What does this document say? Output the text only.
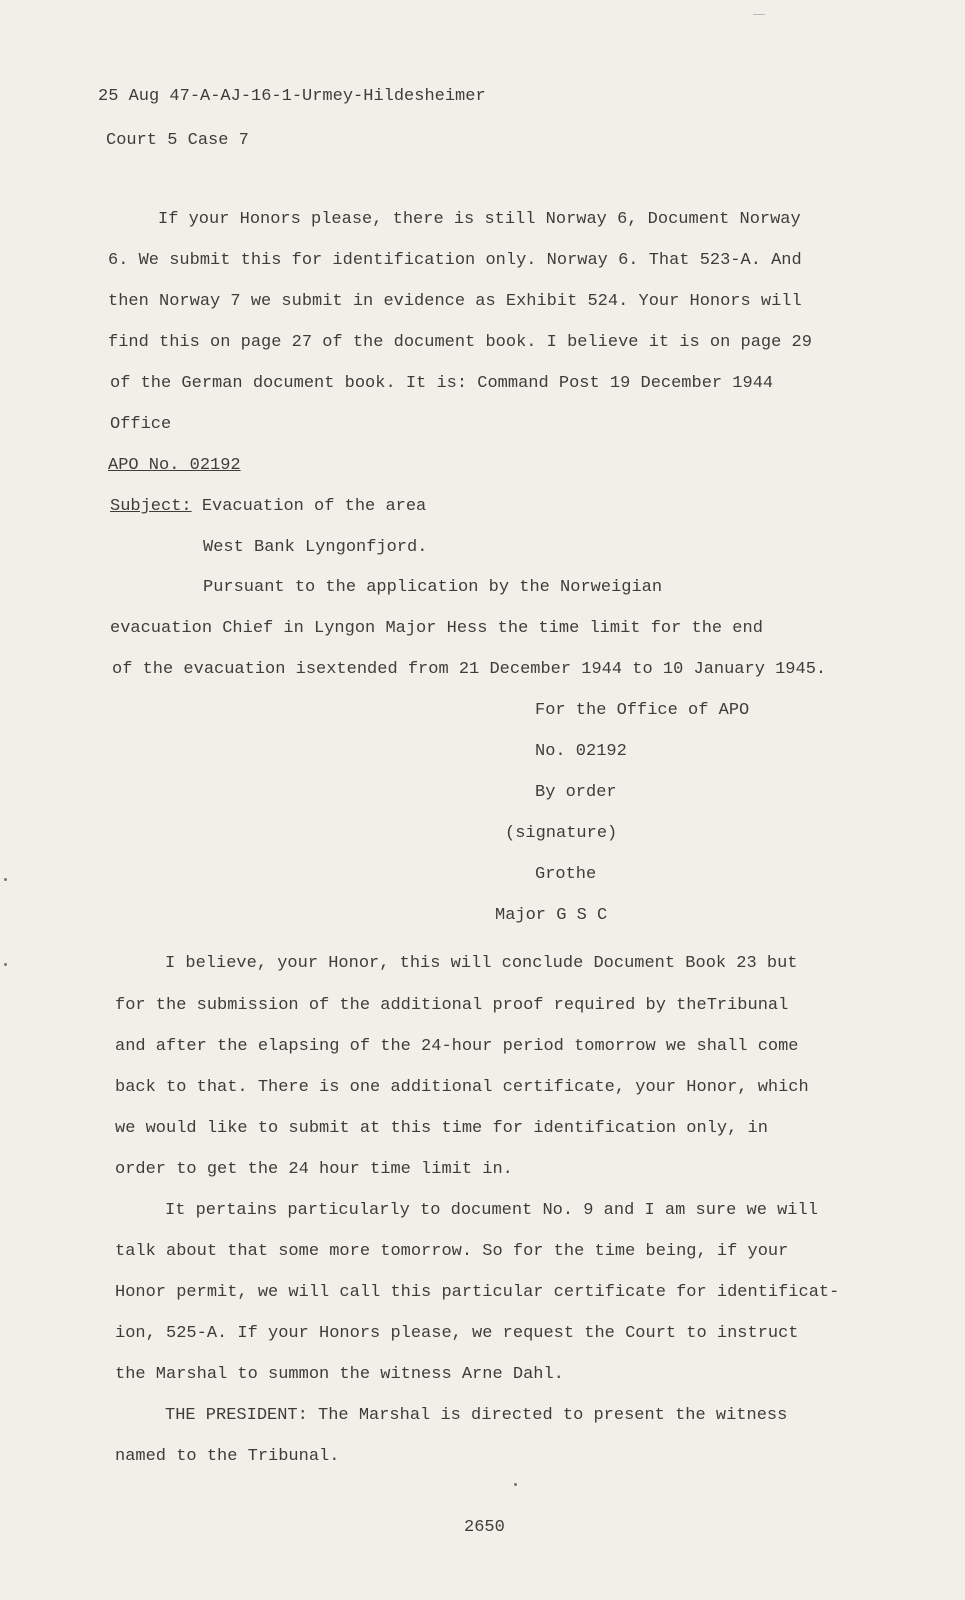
25 Aug 47-A-AJ-16-1-Urmey-Hildesheimer
Court 5 Case 7
If your Honors please, there is still Norway 6, Document Norway
6. We submit this for identification only. Norway 6. That 523-A. And
then Norway 7 we submit in evidence as Exhibit 524. Your Honors will
find this on page 27 of the document book. I believe it is on page 29
of the German document book. It is: Command Post 19 December 1944
Office
APO No. 02192
Subject: Evacuation of the area
West Bank Lyngonfjord.
Pursuant to the application by the Norweigian
evacuation Chief in Lyngon Major Hess the time limit for the end
of the evacuation isextended from 21 December 1944 to 10 January 1945.
For the Office of APO
No. 02192
By order
(signature)
Grothe
Major G S C
I believe, your Honor, this will conclude Document Book 23 but
for the submission of the additional proof required by theTribunal
and after the elapsing of the 24-hour period tomorrow we shall come
back to that. There is one additional certificate, your Honor, which
we would like to submit at this time for identification only, in
order to get the 24 hour time limit in.
It pertains particularly to document No. 9 and I am sure we will
talk about that some more tomorrow. So for the time being, if your
Honor permit, we will call this particular certificate for identificat-
ion, 525-A. If your Honors please, we request the Court to instruct
the Marshal to summon the witness Arne Dahl.
THE PRESIDENT: The Marshal is directed to present the witness
named to the Tribunal.
2650
